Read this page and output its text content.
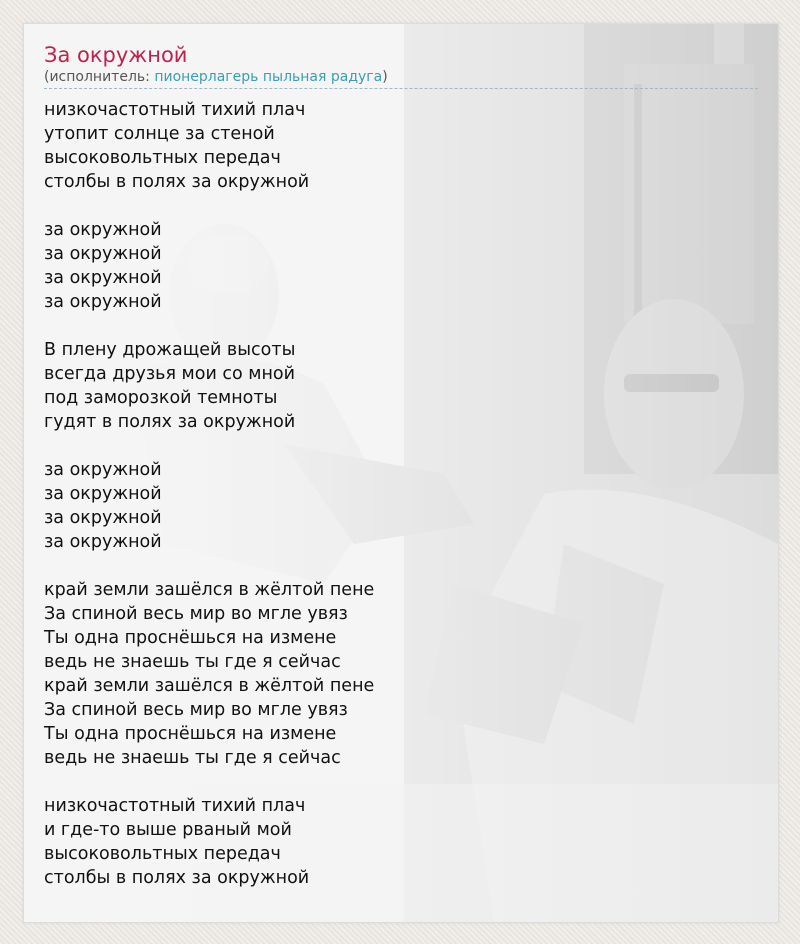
За окружной
(исполнитель: пионерлагерь пыльная радуга)
низкочастотный тихий плач
утопит солнце за стеной
высоковольтных передач
столбы в полях за окружной
за окружной
за окружной
за окружной
за окружной
В плену дрожащей высоты
всегда друзья мои со мной
под заморозкой темноты
гудят в полях за окружной
за окружной
за окружной
за окружной
за окружной
край земли зашёлся в жёлтой пене
За спиной весь мир во мгле увяз
Ты одна проснёшься на измене
ведь не знаешь ты где я сейчас
край земли зашёлся в жёлтой пене
За спиной весь мир во мгле увяз
Ты одна проснёшься на измене
ведь не знаешь ты где я сейчас
низкочастотный тихий плач
и где-то выше рваный мой
высоковольтных передач
столбы в полях за окружной
